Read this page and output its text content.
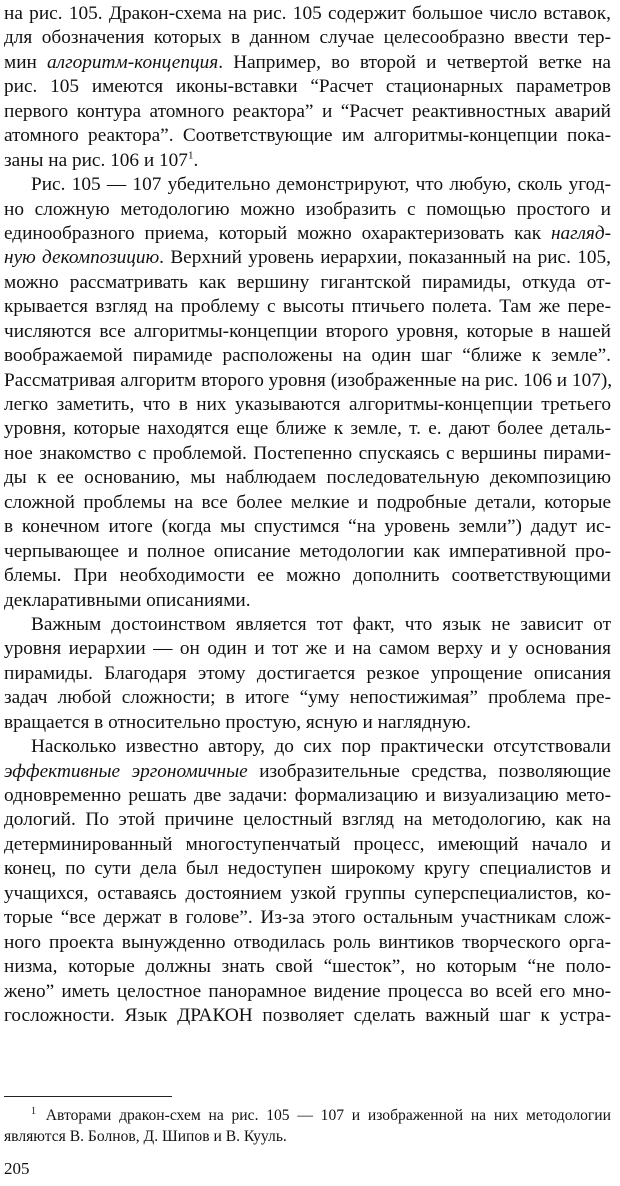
на рис. 105. Дракон-схема на рис. 105 содержит большое число вставок,
для обозначения которых в данном случае целесообразно ввести тер-
мин алгоритм-концепция. Например, во второй и четвертой ветке на
рис. 105 имеются иконы-вставки “Расчет стационарных параметров
первого контура атомного реактора” и “Расчет реактивностных аварий
атомного реактора”. Соответствующие им алгоритмы-концепции пока-
заны на рис. 106 и 107$^1$.
Рис. 105 — 107 убедительно демонстрируют, что любую, сколь угод-
но сложную методологию можно изобразить с помощью простого и
единообразного приема, который можно охарактеризовать как нагляд-
ную декомпозицию. Верхний уровень иерархии, показанный на рис. 105,
можно рассматривать как вершину гигантской пирамиды, откуда от-
крывается взгляд на проблему с высоты птичьего полета. Там же пере-
числяются все алгоритмы-концепции второго уровня, которые в нашей
воображаемой пирамиде расположены на один шаг “ближе к земле”.
Рассматривая алгоритм второго уровня (изображенные на рис. 106 и 107),
легко заметить, что в них указываются алгоритмы-концепции третьего
уровня, которые находятся еще ближе к земле, т. е. дают более деталь-
ное знакомство с проблемой. Постепенно спускаясь с вершины пирами-
ды к ее основанию, мы наблюдаем последовательную декомпозицию
сложной проблемы на все более мелкие и подробные детали, которые
в конечном итоге (когда мы спустимся “на уровень земли”) дадут ис-
черпывающее и полное описание методологии как императивной про-
блемы. При необходимости ее можно дополнить соответствующими
декларативными описаниями.
Важным достоинством является тот факт, что язык не зависит от
уровня иерархии — он один и тот же и на самом верху и у основания
пирамиды. Благодаря этому достигается резкое упрощение описания
задач любой сложности; в итоге “уму непостижимая” проблема пре-
вращается в относительно простую, ясную и наглядную.
Насколько известно автору, до сих пор практически отсутствовали
эффективные эргономичные изобразительные средства, позволяющие
одновременно решать две задачи: формализацию и визуализацию мето-
дологий. По этой причине целостный взгляд на методологию, как на
детерминированный многоступенчатый процесс, имеющий начало и
конец, по сути дела был недоступен широкому кругу специалистов и
учащихся, оставаясь достоянием узкой группы суперспециалистов, ко-
торые “все держат в голове”. Из-за этого остальным участникам слож-
ного проекта вынужденно отводилась роль винтиков творческого орга-
низма, которые должны знать свой “шесток”, но которым “не поло-
жено” иметь целостное панорамное видение процесса во всей его мно-
госложности. Язык ДРАКОН позволяет сделать важный шаг к устра-
$^1$ Авторами дракон-схем на рис. 105 — 107 и изображенной на них методологии
являются В. Болнов, Д. Шипов и В. Кууль.
205
